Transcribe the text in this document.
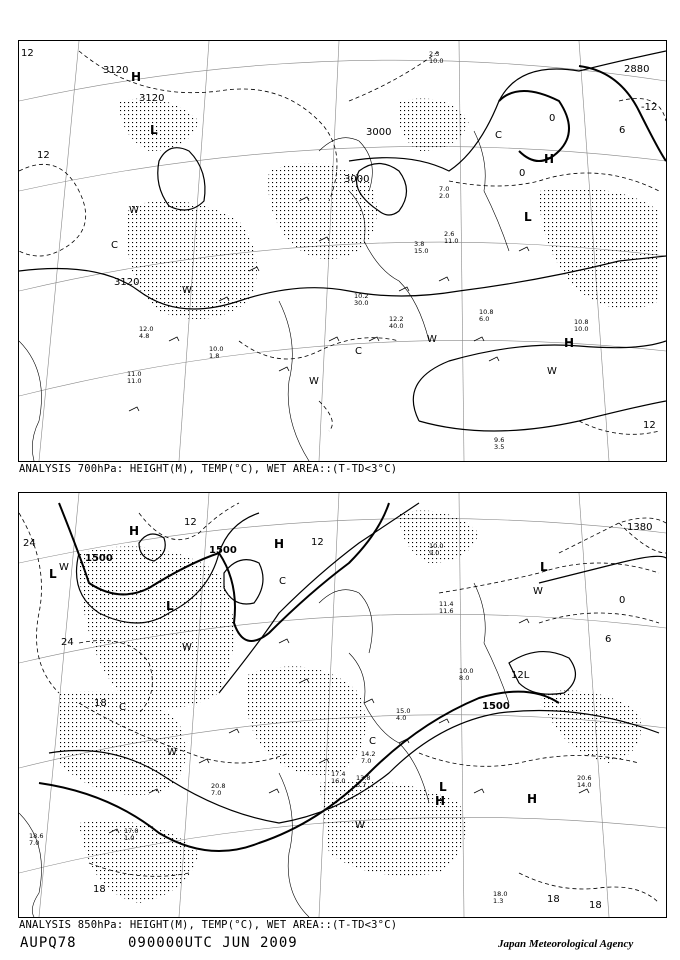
H
H
H
L
L
C
C
C
W
W
W
W
W
3120
3120
3120
3000
3000
2880
12
12
12
0
6
-12
0
11.0
11.0
12.2
40.0
10.2
30.0
9.6
3.5
10.8
6.0
10.0
1.8
12.0
4.8
3.8
15.0
2.6
11.0
7.0
2.0
10.8
10.0
2.3
10.0
ANALYSIS 700hPa: HEIGHT(M), TEMP(°C), WET AREA::(T-TD<3°C)
H
H
H
H
L
L
L
L
C
C
C
W
W
W
W
W
1500
1500
1500
1380
24
24
18
18
18
18
12
12
12L
6
0
20.6
14.0
17.4
16.0
20.8
7.0
13.8
3.7
14.2
7.0
18.0
1.3
15.0
4.0
10.0
8.0
18.6
7.0
17.0
1.0
11.4
11.6
10.0
9.0
ANALYSIS 850hPa: HEIGHT(M), TEMP(°C), WET AREA::(T-TD<3°C)
AUPQ78	090000UTC JUN 2009	Japan Meteorological Agency
